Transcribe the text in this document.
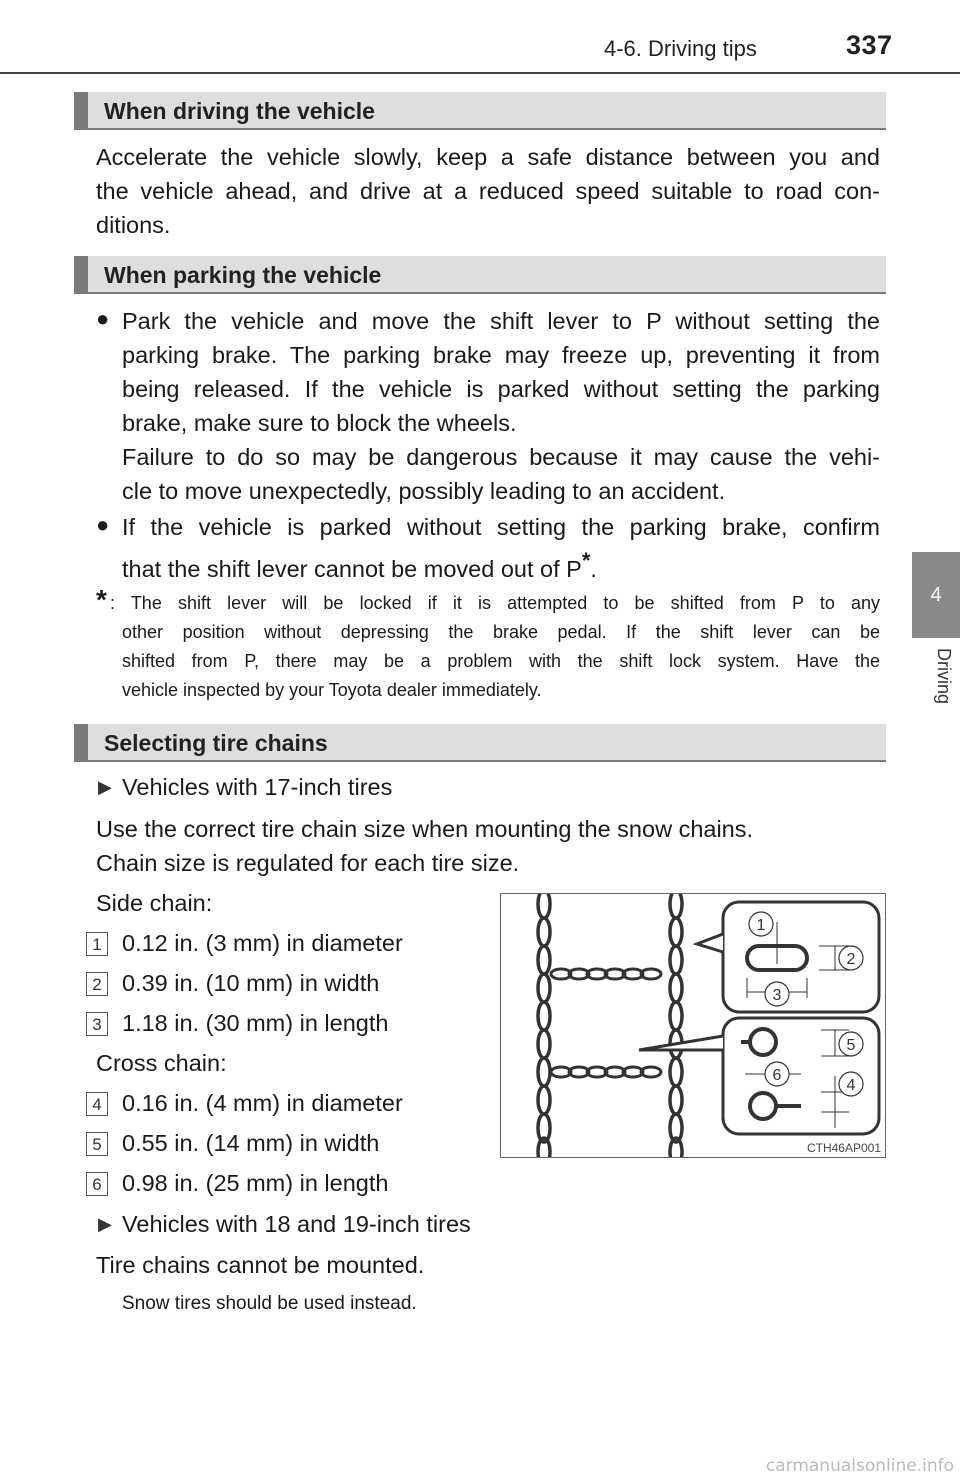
4-6. Driving tips	337
4
Driving
When driving the vehicle
Accelerate the vehicle slowly, keep a safe distance between you and
the vehicle ahead, and drive at a reduced speed suitable to road con-
ditions.
When parking the vehicle
● Park the vehicle and move the shift lever to P without setting the
parking brake. The parking brake may freeze up, preventing it from
being released. If the vehicle is parked without setting the parking
brake, make sure to block the wheels.
Failure to do so may be dangerous because it may cause the vehi-
cle to move unexpectedly, possibly leading to an accident.
● If the vehicle is parked without setting the parking brake, confirm
that the shift lever cannot be moved out of P*.
* : The shift lever will be locked if it is attempted to be shifted from P to any
other position without depressing the brake pedal. If the shift lever can be
shifted from P, there may be a problem with the shift lock system. Have the
vehicle inspected by your Toyota dealer immediately.
Selecting tire chains
▶ Vehicles with 17-inch tires
Use the correct tire chain size when mounting the snow chains.
Chain size is regulated for each tire size.
Side chain:
1 0.12 in. (3 mm) in diameter
2 0.39 in. (10 mm) in width
3 1.18 in. (30 mm) in length
Cross chain:
4 0.16 in. (4 mm) in diameter
5 0.55 in. (14 mm) in width
6 0.98 in. (25 mm) in length
▶ Vehicles with 18 and 19-inch tires
Tire chains cannot be mounted.
Snow tires should be used instead.
1
2
3
4
5
6
CTH46AP001
carmanualsonline.info
